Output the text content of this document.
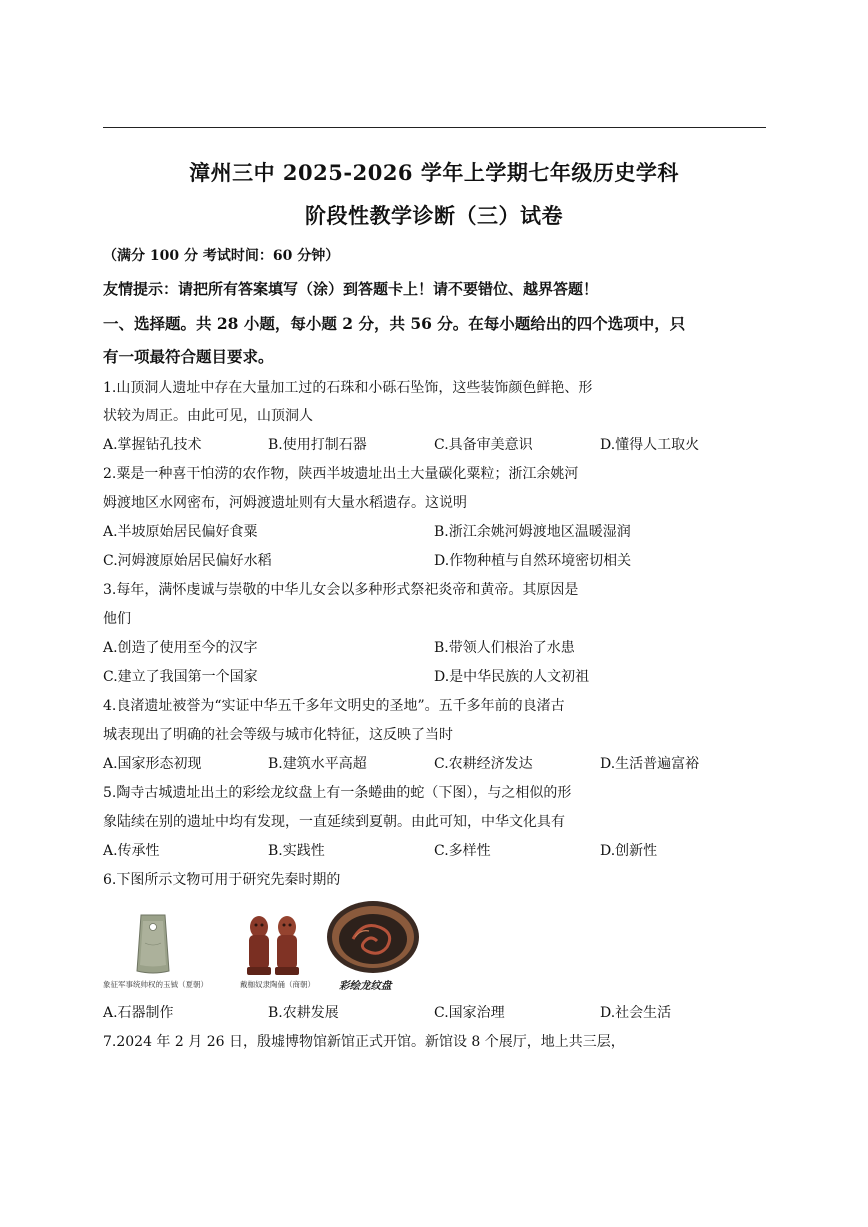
漳州三中 2025-2026 学年上学期七年级历史学科
阶段性教学诊断（三）试卷
（满分 100 分 考试时间：60 分钟）
友情提示：请把所有答案填写（涂）到答题卡上！请不要错位、越界答题！
一、选择题。共 28 小题，每小题 2 分，共 56 分。在每小题给出的四个选项中，只
有一项最符合题目要求。
1.山顶洞人遗址中存在大量加工过的石珠和小砾石坠饰，这些装饰颜色鲜艳、形
状较为周正。由此可见，山顶洞人
A.掌握钻孔技术	B.使用打制石器	C.具备审美意识	D.懂得人工取火
2.粟是一种喜干怕涝的农作物，陕西半坡遗址出土大量碳化粟粒；浙江余姚河
姆渡地区水网密布，河姆渡遗址则有大量水稻遗存。这说明
A.半坡原始居民偏好食粟	B.浙江余姚河姆渡地区温暖湿润
C.河姆渡原始居民偏好水稻	D.作物种植与自然环境密切相关
3.每年，满怀虔诚与崇敬的中华儿女会以多种形式祭祀炎帝和黄帝。其原因是
他们
A.创造了使用至今的汉字	B.带领人们根治了水患
C.建立了我国第一个国家	D.是中华民族的人文初祖
4.良渚遗址被誉为“实证中华五千多年文明史的圣地”。五千多年前的良渚古
城表现出了明确的社会等级与城市化特征，这反映了当时
A.国家形态初现	B.建筑水平高超	C.农耕经济发达	D.生活普遍富裕
5.陶寺古城遗址出土的彩绘龙纹盘上有一条蜷曲的蛇（下图），与之相似的形
象陆续在别的遗址中均有发现，一直延续到夏朝。由此可知，中华文化具有
A.传承性	B.实践性	C.多样性	D.创新性
6.下图所示文物可用于研究先秦时期的
象征军事统帅权的玉钺（夏朝）	戴枷奴隶陶俑（商朝） 彩绘龙纹盘
A.石器制作	B.农耕发展	C.国家治理	D.社会生活
7.2024 年 2 月 26 日，殷墟博物馆新馆正式开馆。新馆设 8 个展厅，地上共三层，
